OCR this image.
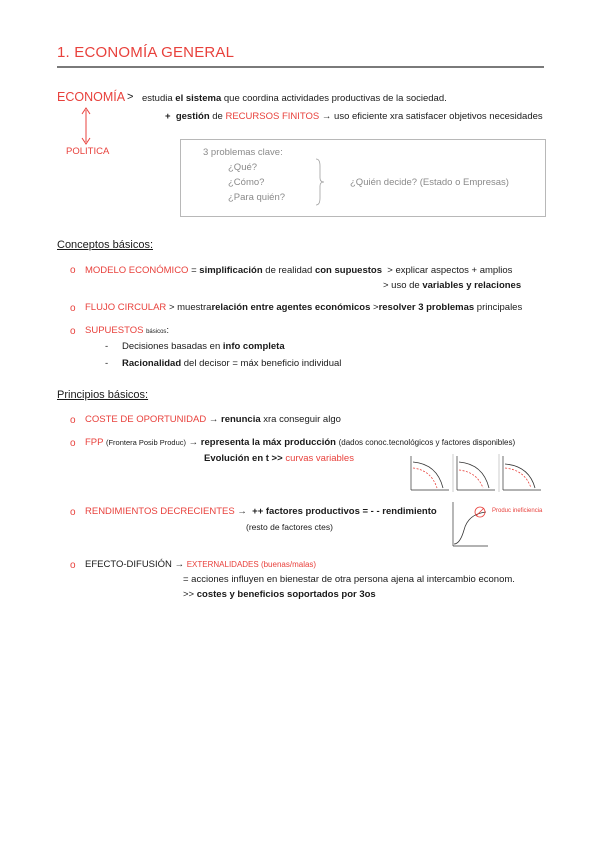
1. ECONOMÍA GENERAL
ECONOMÍA > estudia el sistema que coordina actividades productivas de la sociedad.
+ gestión de RECURSOS FINITOS → uso eficiente xra satisfacer objetivos necesidades
POLITICA	3 problemas clave:
¿Qué?
¿Cómo?
¿Para quién?
¿Quién decide? (Estado o Empresas)
Conceptos básicos:
o MODELO ECONÓMICO = simplificación de realidad con supuestos > explicar aspectos + amplios
> uso de variables y relaciones
o FLUJO CIRCULAR > muestrarelación entre agentes económicos >resolver 3 problemas principales
o SUPUESTOS básicos:
- Decisiones basadas en info completa
- Racionalidad del decisor = máx beneficio individual
Principios básicos:
o COSTE DE OPORTUNIDAD → renuncia xra conseguir algo
o FPP (Frontera Posib Produc) → representa la máx producción (dados conoc.tecnológicos y factores disponibles)
Evolución en t >> curvas variables
o RENDIMIENTOS DECRECIENTES → ++ factores productivos = - - rendimiento
(resto de factores ctes)
Produc ineficiencia
o EFECTO-DIFUSIÓN → EXTERNALIDADES (buenas/malas)
= acciones influyen en bienestar de otra persona ajena al intercambio econom.
>> costes y beneficios soportados por 3os
